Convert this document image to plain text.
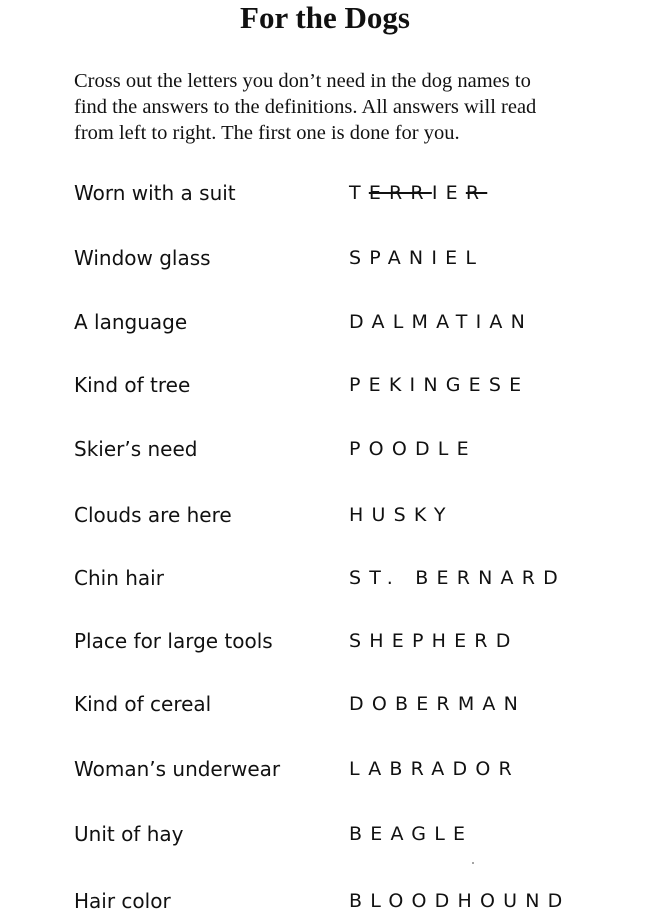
For the Dogs
Cross out the letters you don’t need in the dog names to
find the answers to the definitions. All answers will read
from left to right. The first one is done for you.
Worn with a suit	TERRIER
Window glass	SPANIEL
A language	DALMATIAN
Kind of tree	PEKINGESE
Skier’s need	POODLE
Clouds are here	HUSKY
Chin hair	ST. BERNARD
Place for large tools	SHEPHERD
Kind of cereal	DOBERMAN
Woman’s underwear	LABRADOR
Unit of hay	BEAGLE
Hair color	BLOODHOUND
